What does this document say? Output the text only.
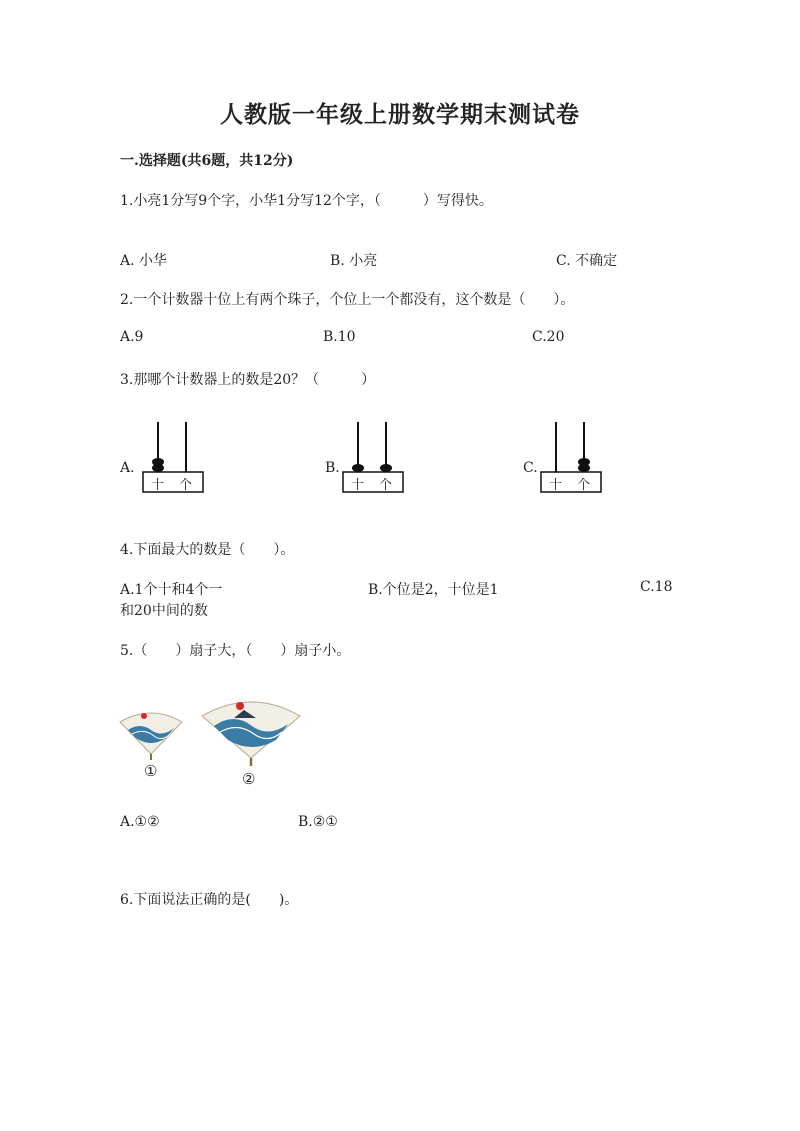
人教版一年级上册数学期末测试卷
一.选择题(共6题，共12分)
1.小亮1分写9个字，小华1分写12个字，（　　　）写得快。
A. 小华	B. 小亮	C. 不确定
2.一个计数器十位上有两个珠子，个位上一个都没有，这个数是（　　）。
A.9	B.10	C.20
3.那哪个计数器上的数是20？（　　　）
A.	B.	C.
十 个	十 个	十 个
4.下面最大的数是（　　）。
A.1个十和4个一
和20中间的数
B.个位是2，十位是1	C.18
5.（　　）扇子大，（　　）扇子小。
①	②
A.①②	B.②①
6.下面说法正确的是(　　)。
